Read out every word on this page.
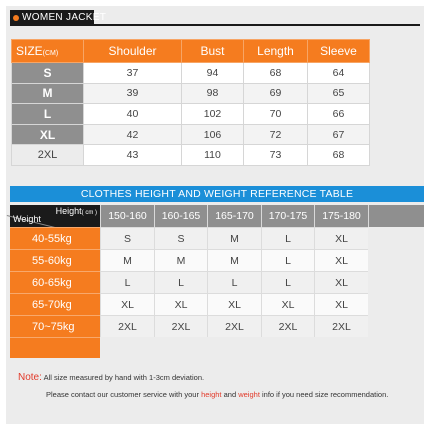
WOMEN JACKET
SIZE(CM)	Shoulder	Bust	Length	Sleeve
S	37	94	68	64
M	39	98	69	65
L	40	102	70	66
XL	42	106	72	67
2XL	43	110	73	68
CLOTHES HEIGHT AND WEIGHT REFERENCE TABLE
Height( cm )
Weight	150-160	160-165	165-170	170-175	175-180
40-55kg	S	S	M	L	XL
55-60kg	M	M	M	L	XL
60-65kg	L	L	L	L	XL
65-70kg	XL	XL	XL	XL	XL
70~75kg	2XL	2XL	2XL	2XL	2XL
Note: All size measured by hand with 1-3cm deviation.
Please contact our customer service with your height and weight info if you need size recommendation.
